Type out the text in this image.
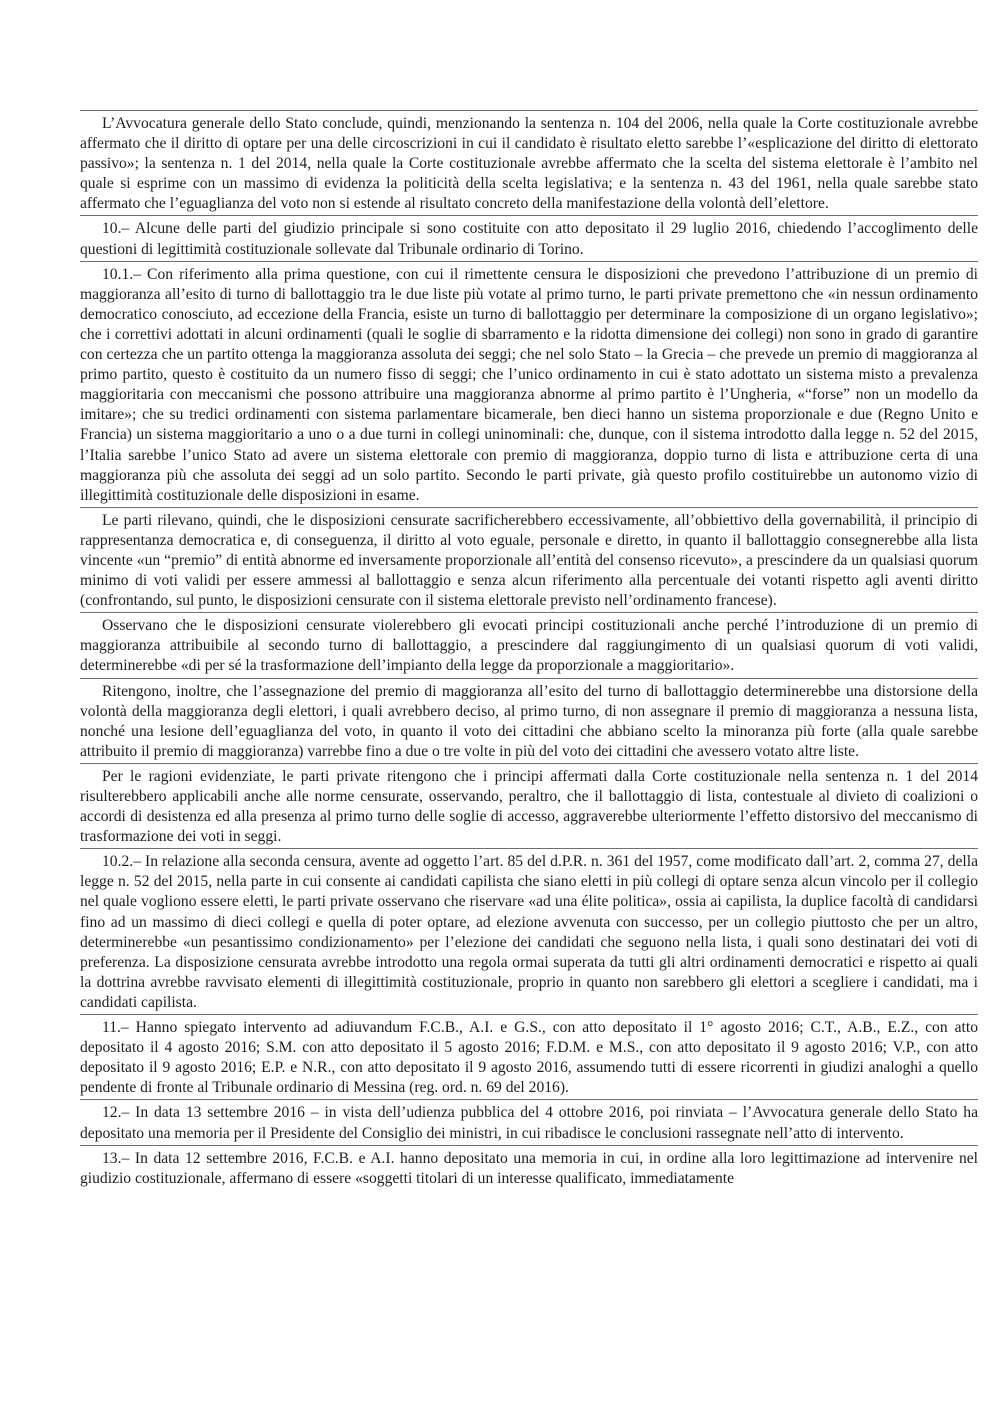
L’Avvocatura generale dello Stato conclude, quindi, menzionando la sentenza n. 104 del 2006, nella quale la Corte costituzionale avrebbe affermato che il diritto di optare per una delle circoscrizioni in cui il candidato è risultato eletto sarebbe l’«esplicazione del diritto di elettorato passivo»; la sentenza n. 1 del 2014, nella quale la Corte costituzionale avrebbe affermato che la scelta del sistema elettorale è l’ambito nel quale si esprime con un massimo di evidenza la politicità della scelta legislativa; e la sentenza n. 43 del 1961, nella quale sarebbe stato affermato che l’eguaglianza del voto non si estende al risultato concreto della manifestazione della volontà dell’elettore.

10.– Alcune delle parti del giudizio principale si sono costituite con atto depositato il 29 luglio 2016, chiedendo l’accoglimento delle questioni di legittimità costituzionale sollevate dal Tribunale ordinario di Torino.

10.1.– Con riferimento alla prima questione, con cui il rimettente censura le disposizioni che prevedono l’attribuzione di un premio di maggioranza all’esito di turno di ballottaggio tra le due liste più votate al primo turno, le parti private premettono che «in nessun ordinamento democratico conosciuto, ad eccezione della Francia, esiste un turno di ballottaggio per determinare la composizione di un organo legislativo»; che i correttivi adottati in alcuni ordinamenti (quali le soglie di sbarramento e la ridotta dimensione dei collegi) non sono in grado di garantire con certezza che un partito ottenga la maggioranza assoluta dei seggi; che nel solo Stato – la Grecia – che prevede un premio di maggioranza al primo partito, questo è costituito da un numero fisso di seggi; che l’unico ordinamento in cui è stato adottato un sistema misto a prevalenza maggioritaria con meccanismi che possono attribuire una maggioranza abnorme al primo partito è l’Ungheria, «“forse” non un modello da imitare»; che su tredici ordinamenti con sistema parlamentare bicamerale, ben dieci hanno un sistema proporzionale e due (Regno Unito e Francia) un sistema maggioritario a uno o a due turni in collegi uninominali: che, dunque, con il sistema introdotto dalla legge n. 52 del 2015, l’Italia sarebbe l’unico Stato ad avere un sistema elettorale con premio di maggioranza, doppio turno di lista e attribuzione certa di una maggioranza più che assoluta dei seggi ad un solo partito. Secondo le parti private, già questo profilo costituirebbe un autonomo vizio di illegittimità costituzionale delle disposizioni in esame.

Le parti rilevano, quindi, che le disposizioni censurate sacrificherebbero eccessivamente, all’obbiettivo della governabilità, il principio di rappresentanza democratica e, di conseguenza, il diritto al voto eguale, personale e diretto, in quanto il ballottaggio consegnerebbe alla lista vincente «un “premio” di entità abnorme ed inversamente proporzionale all’entità del consenso ricevuto», a prescindere da un qualsiasi quorum minimo di voti validi per essere ammessi al ballottaggio e senza alcun riferimento alla percentuale dei votanti rispetto agli aventi diritto (confrontando, sul punto, le disposizioni censurate con il sistema elettorale previsto nell’ordinamento francese).

Osservano che le disposizioni censurate violerebbero gli evocati principi costituzionali anche perché l’introduzione di un premio di maggioranza attribuibile al secondo turno di ballottaggio, a prescindere dal raggiungimento di un qualsiasi quorum di voti validi, determinerebbe «di per sé la trasformazione dell’impianto della legge da proporzionale a maggioritario».

Ritengono, inoltre, che l’assegnazione del premio di maggioranza all’esito del turno di ballottaggio determinerebbe una distorsione della volontà della maggioranza degli elettori, i quali avrebbero deciso, al primo turno, di non assegnare il premio di maggioranza a nessuna lista, nonché una lesione dell’eguaglianza del voto, in quanto il voto dei cittadini che abbiano scelto la minoranza più forte (alla quale sarebbe attribuito il premio di maggioranza) varrebbe fino a due o tre volte in più del voto dei cittadini che avessero votato altre liste.

Per le ragioni evidenziate, le parti private ritengono che i principi affermati dalla Corte costituzionale nella sentenza n. 1 del 2014 risulterebbero applicabili anche alle norme censurate, osservando, peraltro, che il ballottaggio di lista, contestuale al divieto di coalizioni o accordi di desistenza ed alla presenza al primo turno delle soglie di accesso, aggraverebbe ulteriormente l’effetto distorsivo del meccanismo di trasformazione dei voti in seggi.

10.2.– In relazione alla seconda censura, avente ad oggetto l’art. 85 del d.P.R. n. 361 del 1957, come modificato dall’art. 2, comma 27, della legge n. 52 del 2015, nella parte in cui consente ai candidati capilista che siano eletti in più collegi di optare senza alcun vincolo per il collegio nel quale vogliono essere eletti, le parti private osservano che riservare «ad una élite politica», ossia ai capilista, la duplice facoltà di candidarsi fino ad un massimo di dieci collegi e quella di poter optare, ad elezione avvenuta con successo, per un collegio piuttosto che per un altro, determinerebbe «un pesantissimo condizionamento» per l’elezione dei candidati che seguono nella lista, i quali sono destinatari dei voti di preferenza. La disposizione censurata avrebbe introdotto una regola ormai superata da tutti gli altri ordinamenti democratici e rispetto ai quali la dottrina avrebbe ravvisato elementi di illegittimità costituzionale, proprio in quanto non sarebbero gli elettori a scegliere i candidati, ma i candidati capilista.

11.– Hanno spiegato intervento ad adiuvandum F.C.B., A.I. e G.S., con atto depositato il 1° agosto 2016; C.T., A.B., E.Z., con atto depositato il 4 agosto 2016; S.M. con atto depositato il 5 agosto 2016; F.D.M. e M.S., con atto depositato il 9 agosto 2016; V.P., con atto depositato il 9 agosto 2016; E.P. e N.R., con atto depositato il 9 agosto 2016, assumendo tutti di essere ricorrenti in giudizi analoghi a quello pendente di fronte al Tribunale ordinario di Messina (reg. ord. n. 69 del 2016).

12.– In data 13 settembre 2016 – in vista dell’udienza pubblica del 4 ottobre 2016, poi rinviata – l’Avvocatura generale dello Stato ha depositato una memoria per il Presidente del Consiglio dei ministri, in cui ribadisce le conclusioni rassegnate nell’atto di intervento.

13.– In data 12 settembre 2016, F.C.B. e A.I. hanno depositato una memoria in cui, in ordine alla loro legittimazione ad intervenire nel giudizio costituzionale, affermano di essere «soggetti titolari di un interesse qualificato, immediatamente
